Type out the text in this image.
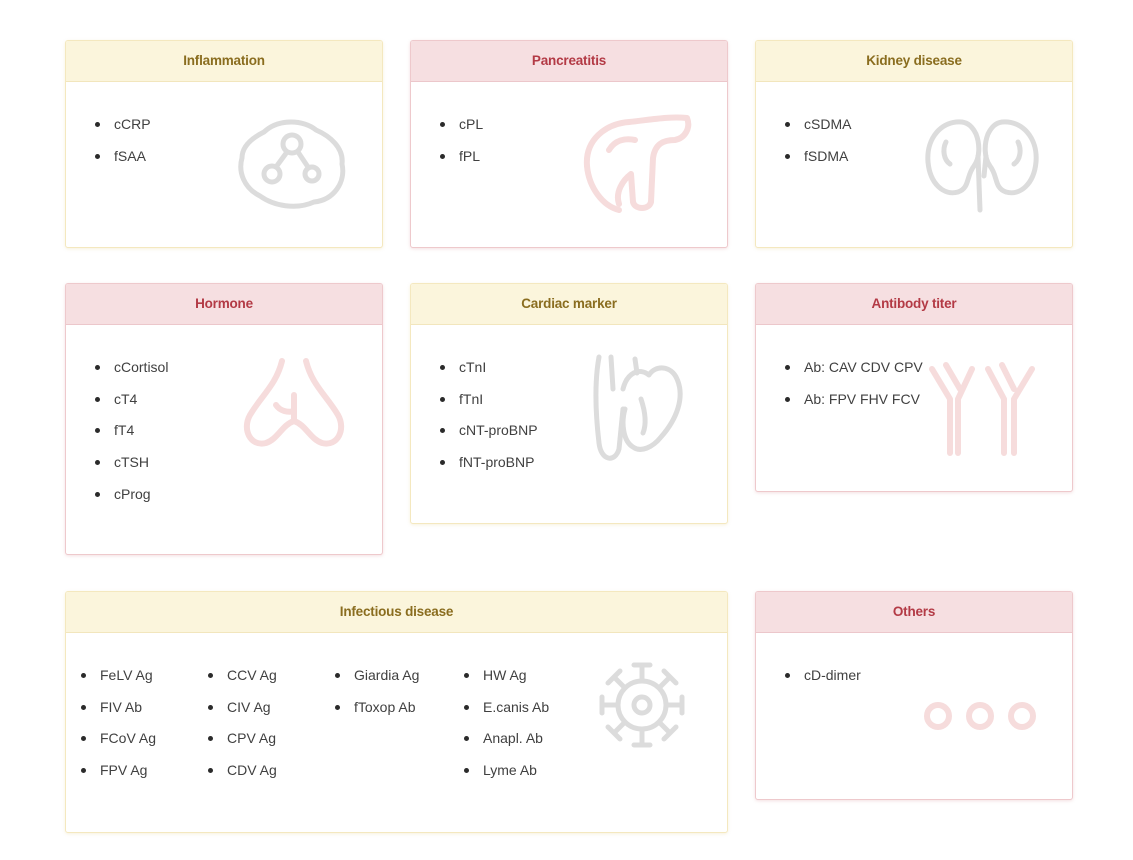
Inflammation
cCRP
fSAA
Pancreatitis
cPL
fPL
Kidney disease
cSDMA
fSDMA
Hormone
cCortisol
cT4
fT4
cTSH
cProg
Cardiac marker
cTnI
fTnI
cNT-proBNP
fNT-proBNP
Antibody titer
Ab: CAV CDV CPV
Ab: FPV FHV FCV
Infectious disease
FeLV Ag
FIV Ab
FCoV Ag
FPV Ag
CCV Ag
CIV Ag
CPV Ag
CDV Ag
Giardia Ag
fToxop Ab
HW Ag
E.canis Ab
Anapl. Ab
Lyme Ab
Others
cD-dimer
